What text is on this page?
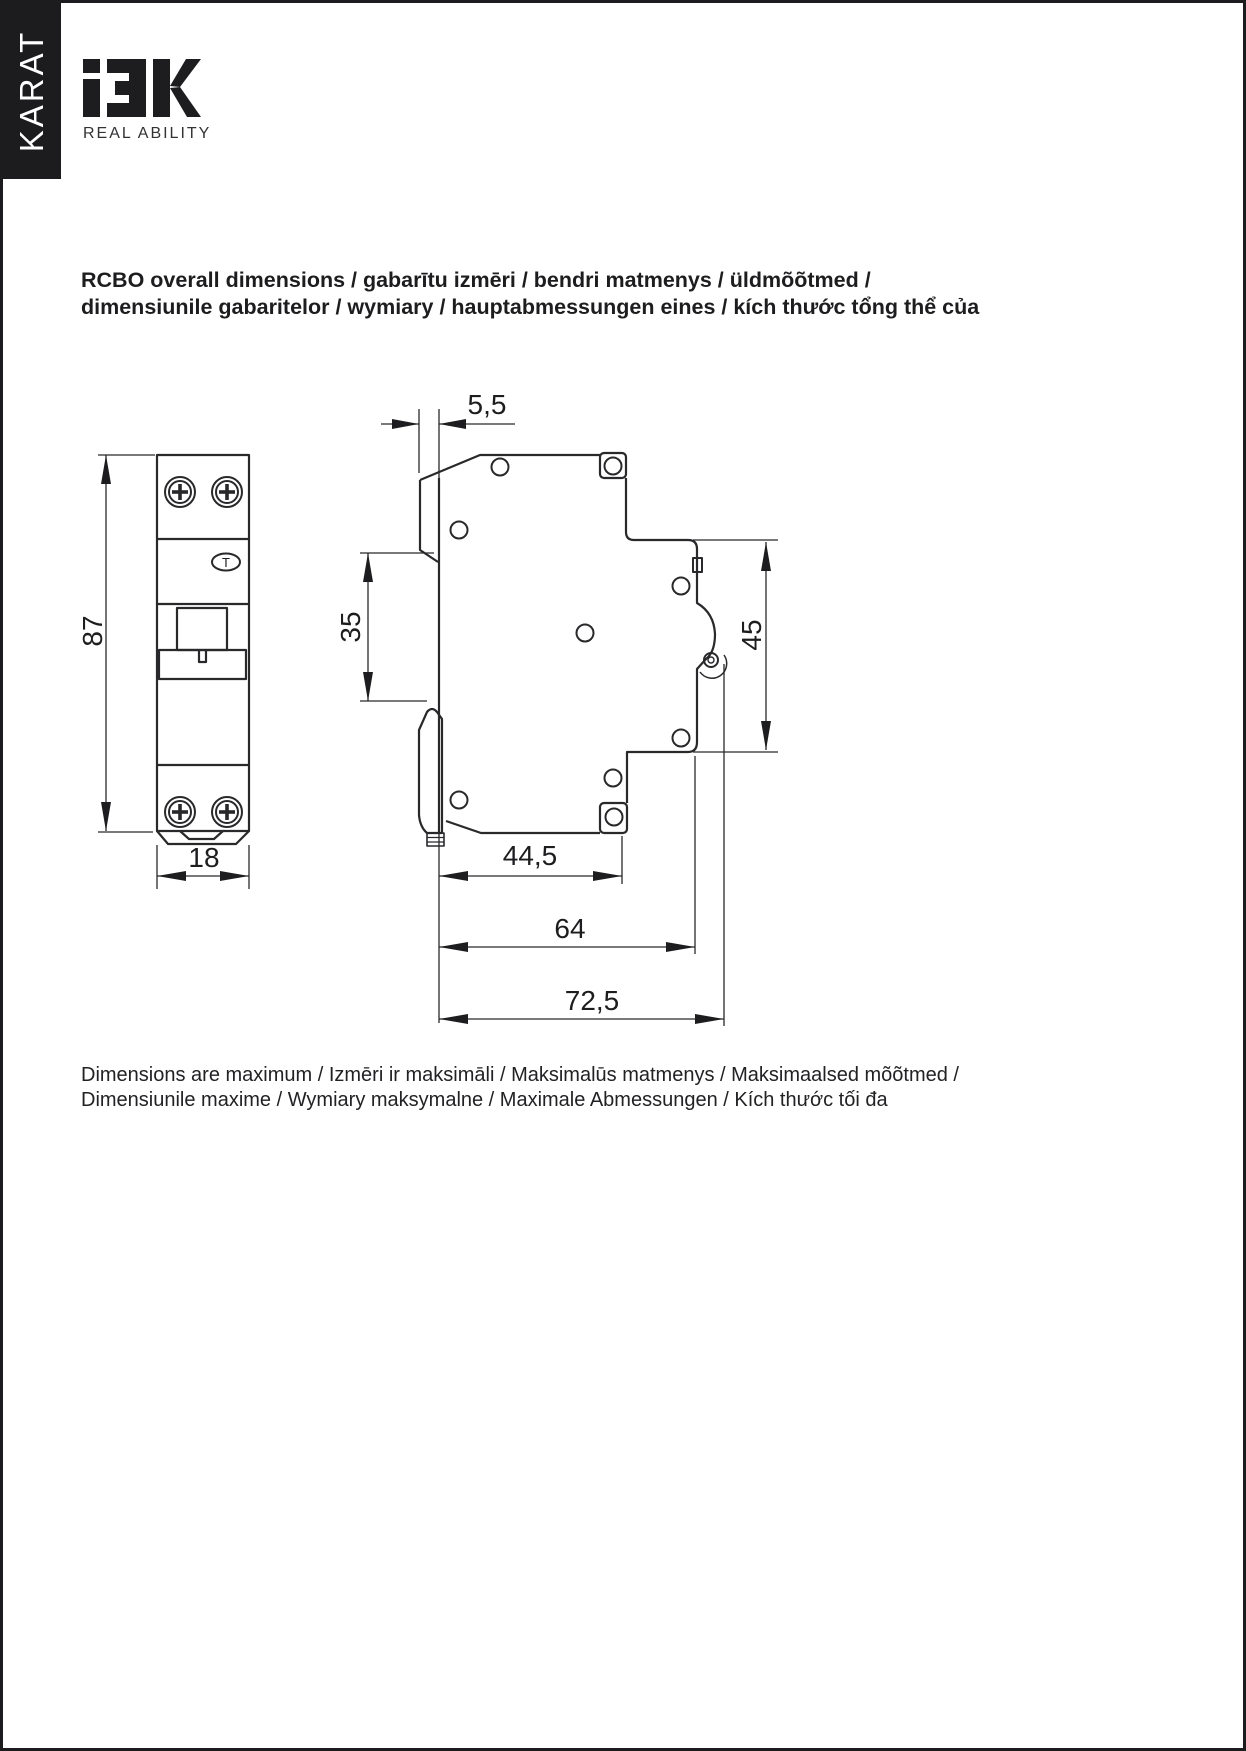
KARAT REAL ABILITY
RCBO overall dimensions / gabarītu izmēri / bendri matmenys / üldmõõtmed /
dimensiunile gabaritelor / wymiary / hauptabmessungen eines / kích thước tổng thể của
T
87
18
5,5
35	45
44,5
64
72,5
Dimensions are maximum / Izmēri ir maksimāli / Maksimalūs matmenys / Maksimaalsed mõõtmed /
Dimensiunile maxime / Wymiary maksymalne / Maximale Abmessungen / Kích thước tối đa
